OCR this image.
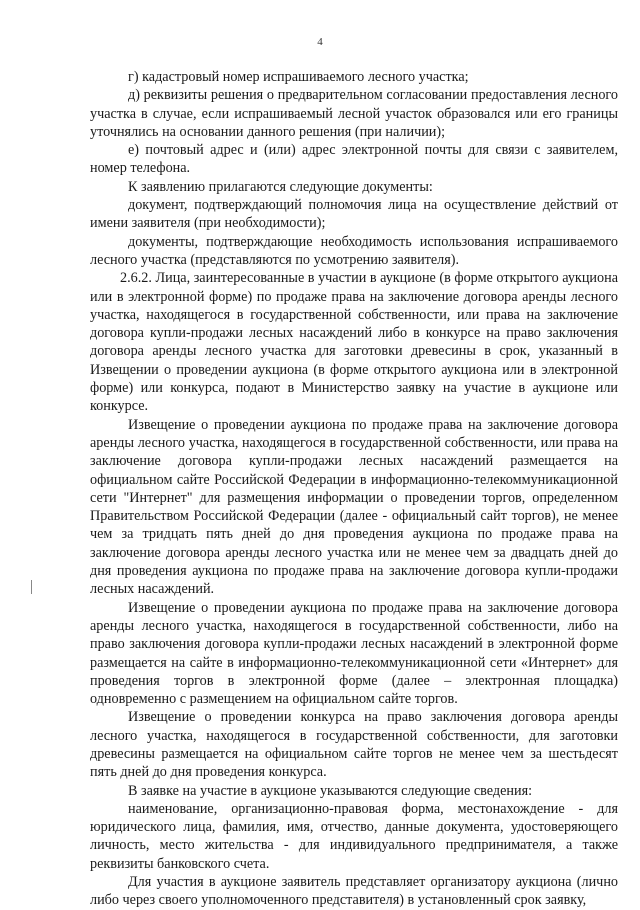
4

г) кадастровый номер испрашиваемого лесного участка;

д) реквизиты решения о предварительном согласовании предоставления лесного участка в случае, если испрашиваемый лесной участок образовался или его границы уточнялись на основании данного решения (при наличии);

е) почтовый адрес и (или) адрес электронной почты для связи с заявителем, номер телефона.

К заявлению прилагаются следующие документы:

документ, подтверждающий полномочия лица на осуществление действий от имени заявителя (при необходимости);

документы, подтверждающие необходимость использования испрашиваемого лесного участка (представляются по усмотрению заявителя).

2.6.2. Лица, заинтересованные в участии в аукционе (в форме открытого аукциона или в электронной форме) по продаже права на заключение договора аренды лесного участка, находящегося в государственной собственности, или права на заключение договора купли-продажи лесных насаждений либо в конкурсе на право заключения договора аренды лесного участка для заготовки древесины в срок, указанный в Извещении о проведении аукциона (в форме открытого аукциона или в электронной форме) или конкурса, подают в Министерство заявку на участие в аукционе или конкурсе.

Извещение о проведении аукциона по продаже права на заключение договора аренды лесного участка, находящегося в государственной собственности, или права на заключение договора купли-продажи лесных насаждений размещается на официальном сайте Российской Федерации в информационно-телекоммуникационной сети "Интернет" для размещения информации о проведении торгов, определенном Правительством Российской Федерации (далее - официальный сайт торгов), не менее чем за тридцать пять дней до дня проведения аукциона по продаже права на заключение договора аренды лесного участка или не менее чем за двадцать дней до дня проведения аукциона по продаже права на заключение договора купли-продажи лесных насаждений.

Извещение о проведении аукциона по продаже права на заключение договора аренды лесного участка, находящегося в государственной собственности, либо на право заключения договора купли-продажи лесных насаждений в электронной форме размещается на сайте в информационно-телекоммуникационной сети «Интернет» для проведения торгов в электронной форме (далее – электронная площадка) одновременно с размещением на официальном сайте торгов.

Извещение о проведении конкурса на право заключения договора аренды лесного участка, находящегося в государственной собственности, для заготовки древесины размещается на официальном сайте торгов не менее чем за шестьдесят пять дней до дня проведения конкурса.

В заявке на участие в аукционе указываются следующие сведения:

наименование, организационно-правовая форма, местонахождение - для юридического лица, фамилия, имя, отчество, данные документа, удостоверяющего личность, место жительства - для индивидуального предпринимателя, а также реквизиты банковского счета.

Для участия в аукционе заявитель представляет организатору аукциона (лично либо через своего уполномоченного представителя) в установленный срок заявку,
